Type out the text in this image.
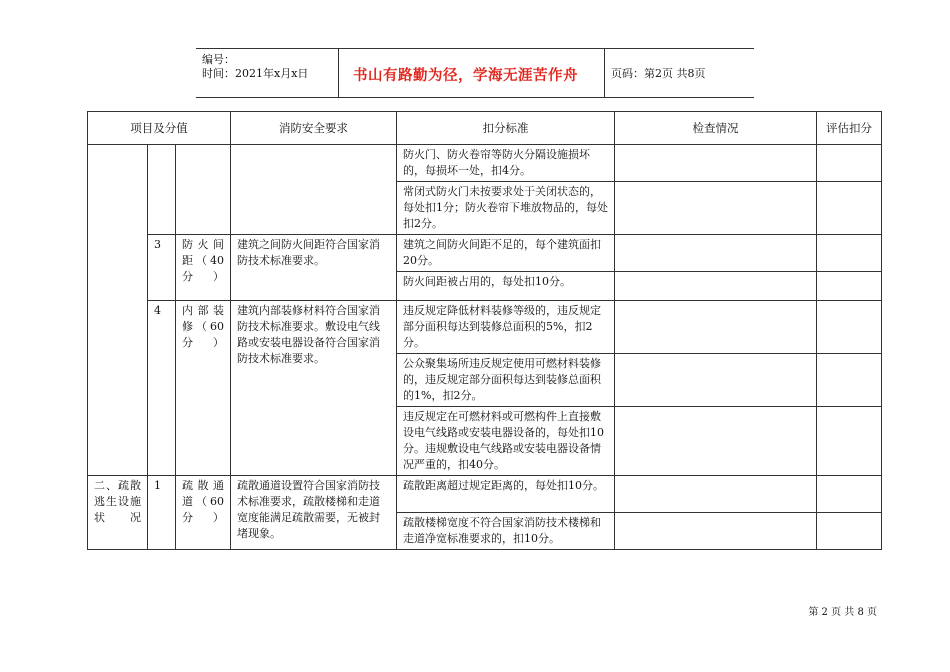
编号：
时间：2021年x月x日	书山有路勤为径，学海无涯苦作舟	页码：第2页 共8页
项目及分值			消防安全要求	扣分标准	检查情况	评估扣分
				防火门、防火卷帘等防火分隔设施损坏的，每损坏一处，扣4分。		
				常闭式防火门未按要求处于关闭状态的，每处扣1分；防火卷帘下堆放物品的，每处扣2分。		
	3	防火间距（40分）	建筑之间防火间距符合国家消防技术标准要求。	建筑之间防火间距不足的，每个建筑面扣20分。		
				防火间距被占用的，每处扣10分。		
	4	内部装修（60分）	建筑内部装修材料符合国家消防技术标准要求。敷设电气线路或安装电器设备符合国家消防技术标准要求。	违反规定降低材料装修等级的，违反规定部分面积每达到装修总面积的5%，扣2分。		
				公众聚集场所违反规定使用可燃材料装修的，违反规定部分面积每达到装修总面积的1%，扣2分。		
				违反规定在可燃材料或可燃构件上直接敷设电气线路或安装电器设备的，每处扣10分。违规敷设电气线路或安装电器设备情况严重的，扣40分。		
二、疏散逃生设施状况	1	疏散通道（60分）	疏散通道设置符合国家消防技术标准要求，疏散楼梯和走道宽度能满足疏散需要，无被封堵现象。	疏散距离超过规定距离的，每处扣10分。		
				疏散楼梯宽度不符合国家消防技术楼梯和走道净宽标准要求的，扣10分。		
第 2 页 共 8 页
